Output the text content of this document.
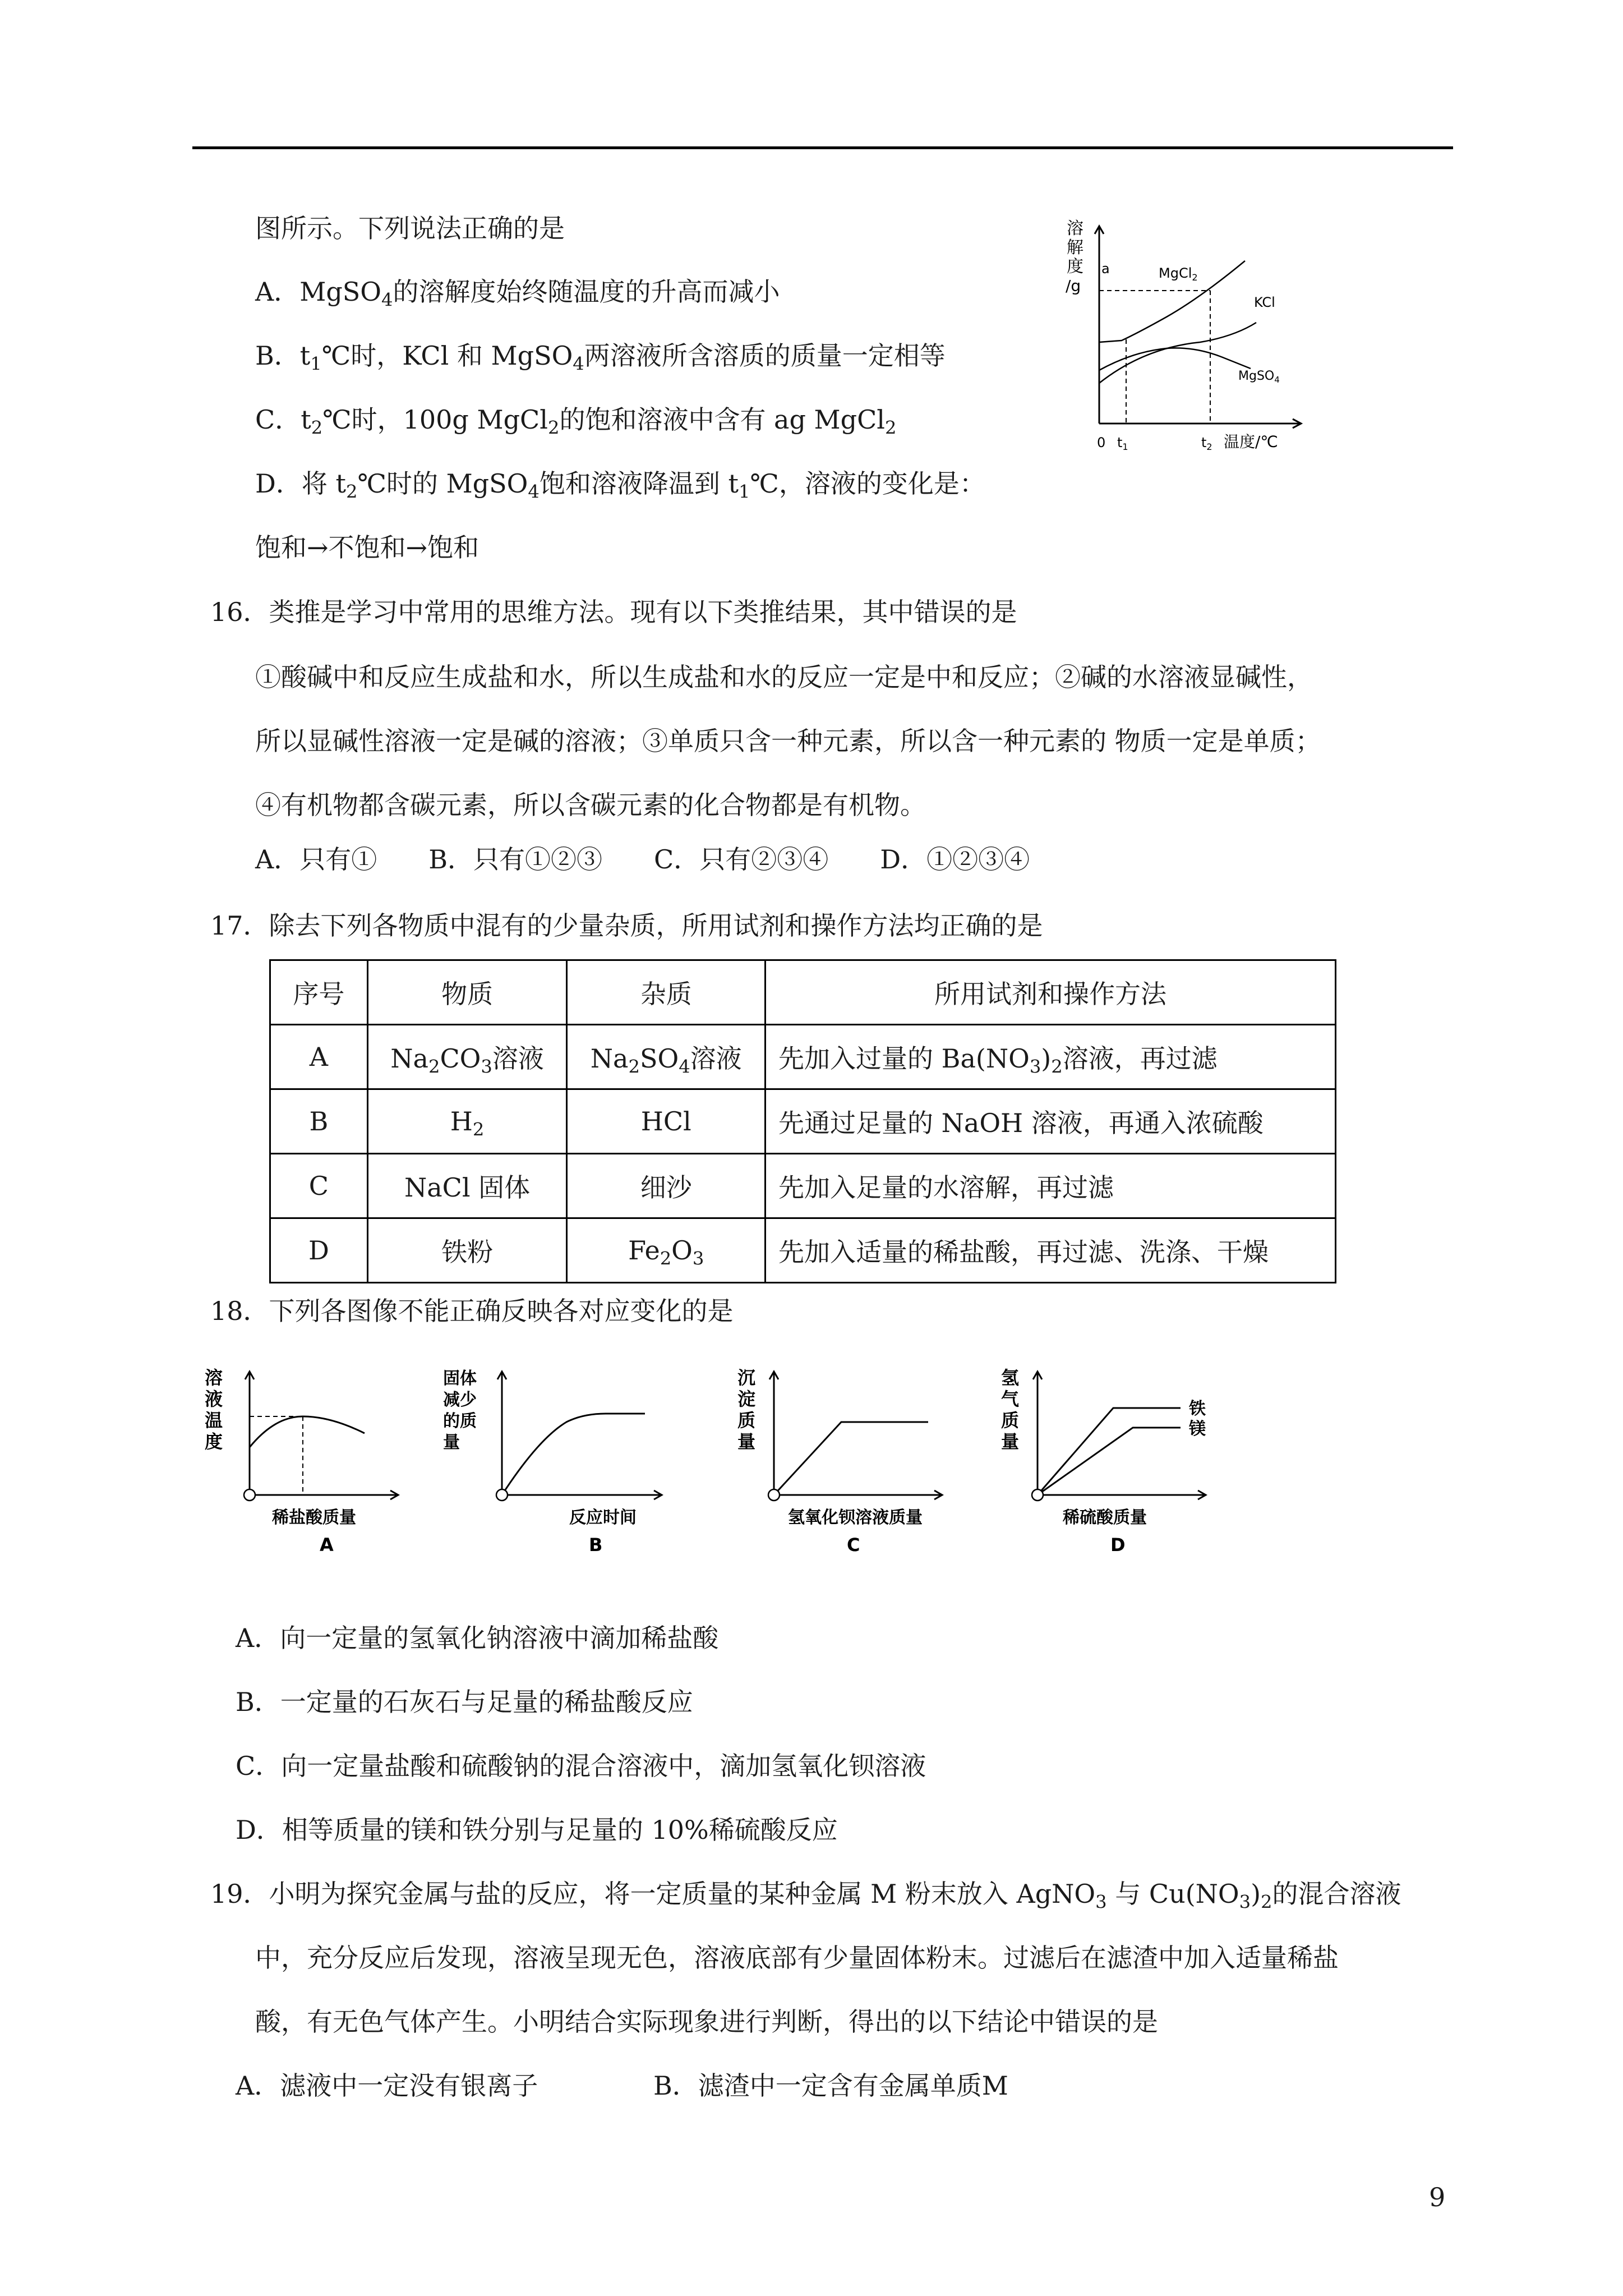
图所示。下列说法正确的是
A．MgSO$_4$的溶解度始终随温度的升高而减小
B．$t_1℃$时，KCl 和 MgSO$_4$两溶液所含溶质的质量一定相等
C．$t_2℃$时，100g MgCl$_2$的饱和溶液中含有 ag MgCl$_2$
D．将 $t_2℃$时的 MgSO$_4$饱和溶液降温到 $t_1℃$，溶液的变化是：
饱和→不饱和→饱和
溶
解
度
/g
a	MgCl$_2$
KCl
MgSO$_4$
0 $t_1$	$t_2$ 温度/℃
16．类推是学习中常用的思维方法。现有以下类推结果，其中错误的是
①酸碱中和反应生成盐和水，所以生成盐和水的反应一定是中和反应；②碱的水溶液显碱性，
所以显碱性溶液一定是碱的溶液；③单质只含一种元素，所以含一种元素的 物质一定是单质；
④有机物都含碳元素，所以含碳元素的化合物都是有机物。
A．只有①　　B．只有①②③　　C．只有②③④　　D．①②③④
17．除去下列各物质中混有的少量杂质，所用试剂和操作方法均正确的是
序号	物质	杂质	所用试剂和操作方法
A	$Na_2CO_3$溶液	$Na_2SO_4$溶液	先加入过量的 $Ba(NO_3)_2$溶液，再过滤
B	$H_2$	HCl	先通过足量的 NaOH 溶液，再通入浓硫酸
C	NaCl 固体	细沙	先加入足量的水溶解，再过滤
D	铁粉	$Fe_2O_3$	先加入适量的稀盐酸，再过滤、洗涤、干燥
18．下列各图像不能正确反映各对应变化的是
溶
液
温
度
稀盐酸质量
A
固体
减少
的质
量
反应时间
B
沉
淀
质
量
氢氧化钡溶液质量
C
氢
气
质
量
铁
镁
稀硫酸质量
D
A．向一定量的氢氧化钠溶液中滴加稀盐酸
B．一定量的石灰石与足量的稀盐酸反应
C．向一定量盐酸和硫酸钠的混合溶液中，滴加氢氧化钡溶液
D．相等质量的镁和铁分别与足量的 10%稀硫酸反应
19．小明为探究金属与盐的反应，将一定质量的某种金属 M 粉末放入 AgNO$_3$ 与 $Cu(NO_3)_2$的混合溶液
中，充分反应后发现，溶液呈现无色，溶液底部有少量固体粉末。过滤后在滤渣中加入适量稀盐
酸，有无色气体产生。小明结合实际现象进行判断，得出的以下结论中错误的是
A．滤液中一定没有银离子	B．滤渣中一定含有金属单质M
9
